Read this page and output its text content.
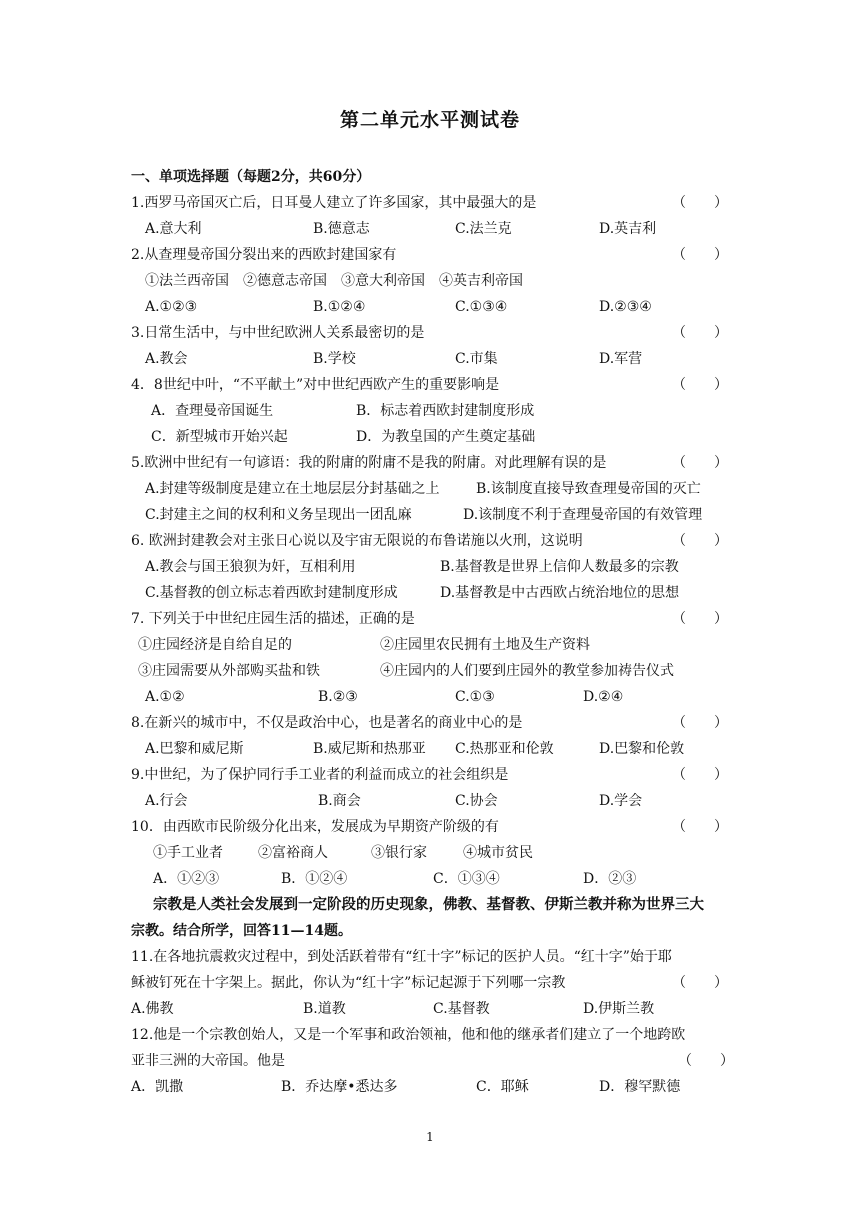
第二单元水平测试卷
一、单项选择题（每题2分，共60分）
1.西罗马帝国灭亡后，日耳曼人建立了许多国家，其中最强大的是	（　　）
A.意大利	B.德意志	C.法兰克	D.英吉利
2.从查理曼帝国分裂出来的西欧封建国家有	（　　）
①法兰西帝国　②德意志帝国　③意大利帝国　④英吉利帝国
A.①②③	B.①②④	C.①③④	D.②③④
3.日常生活中，与中世纪欧洲人关系最密切的是	（　　）
A.教会	B.学校	C.市集	D.军营
4．8世纪中叶，“不平献土”对中世纪西欧产生的重要影响是	（　　）
A．查理曼帝国诞生	B．标志着西欧封建制度形成
C．新型城市开始兴起	D．为教皇国的产生奠定基础
5.欧洲中世纪有一句谚语：我的附庸的附庸不是我的附庸。对此理解有误的是	（　　）
A.封建等级制度是建立在土地层层分封基础之上	B.该制度直接导致查理曼帝国的灭亡
C.封建主之间的权利和义务呈现出一团乱麻	D.该制度不利于查理曼帝国的有效管理
6. 欧洲封建教会对主张日心说以及宇宙无限说的布鲁诺施以火刑，这说明	（　　）
A.教会与国王狼狈为奸，互相利用	B.基督教是世界上信仰人数最多的宗教
C.基督教的创立标志着西欧封建制度形成	D.基督教是中古西欧占统治地位的思想
7. 下列关于中世纪庄园生活的描述，正确的是	（　　）
①庄园经济是自给自足的	②庄园里农民拥有土地及生产资料
③庄园需要从外部购买盐和铁	④庄园内的人们要到庄园外的教堂参加祷告仪式
A.①②	B.②③	C.①③	D.②④
8.在新兴的城市中，不仅是政治中心，也是著名的商业中心的是	（　　）
A.巴黎和威尼斯	B.威尼斯和热那亚 C.热那亚和伦敦	D.巴黎和伦敦
9.中世纪，为了保护同行手工业者的利益而成立的社会组织是	（　　）
A.行会	B.商会	C.协会	D.学会
10．由西欧市民阶级分化出来，发展成为早期资产阶级的有	（　　）
①手工业者	②富裕商人	③银行家	④城市贫民
A．①②③	B．①②④	C．①③④	D．②③
宗教是人类社会发展到一定阶段的历史现象，佛教、基督教、伊斯兰教并称为世界三大
宗教。结合所学，回答11—14题。
11.在各地抗震救灾过程中，到处活跃着带有“红十字”标记的医护人员。“红十字”始于耶
稣被钉死在十字架上。据此，你认为“红十字”标记起源于下列哪一宗教	（　　）
A.佛教	B.道教	C.基督教	D.伊斯兰教
12.他是一个宗教创始人，又是一个军事和政治领袖，他和他的继承者们建立了一个地跨欧
亚非三洲的大帝国。他是	（　　）
A．凯撒	B．乔达摩•悉达多	C．耶稣	D．穆罕默德
1
